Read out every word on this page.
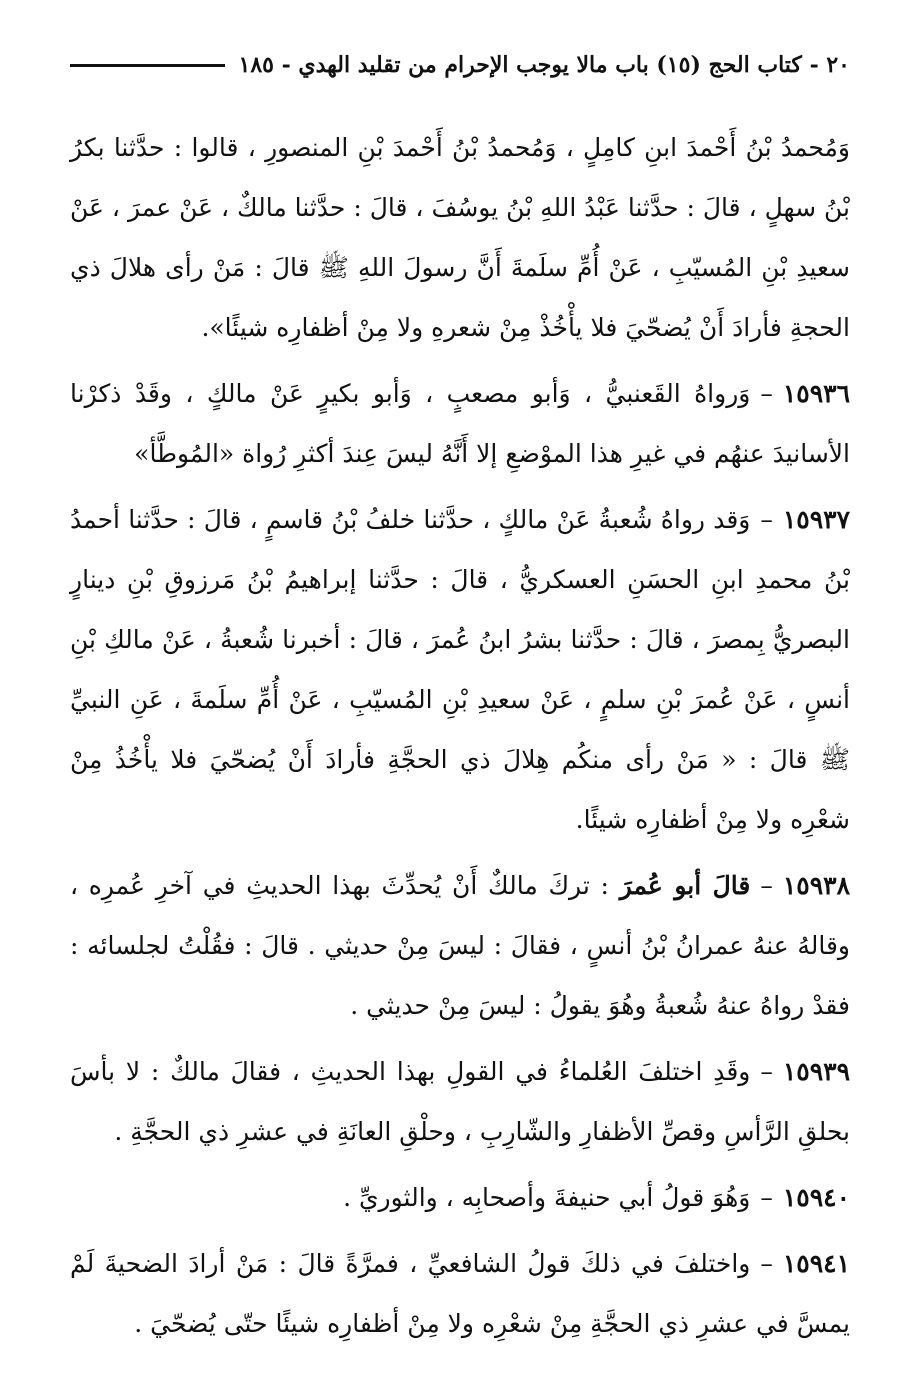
٢٠ - كتاب الحج (١٥) باب مالا يوجب الإحرام من تقليد الهدي - ١٨٥

وَمُحمدُ بْنُ أَحْمدَ ابنِ كامِلٍ ، وَمُحمدُ بْنُ أَحْمدَ بْنِ المنصورِ ، قالوا : حدَّثنا بكرُ بْنُ سهلٍ ، قالَ : حدَّثنا عَبْدُ اللهِ بْنُ يوسُفَ ، قالَ : حدَّثنا مالكٌ ، عَنْ عمرَ ، عَنْ سعيدِ بْنِ المُسيّبِ ، عَنْ أُمِّ سلَمةَ أَنَّ رسولَ اللهِ ﷺ قالَ : مَنْ رأى هلالَ ذي الحجةِ فأرادَ أَنْ يُضحّيَ فلا يأْخُذْ مِنْ شعرهِ ولا مِنْ أظفارِه شيئًا».

١٥٩٣٦–وَرواهُ القَعنبيُّ ، وَأبو مصعبٍ ، وَأبو بكيرٍ عَنْ مالكٍ ، وقَدْ ذكرْنا الأسانيدَ عنهُم في غيرِ هذا الموْضعِ إلا أَنَّهُ ليسَ عِندَ أكثرِ رُواة «المُوطَّأ»

١٥٩٣٧–وَقد رواهُ شُعبةُ عَنْ مالكٍ ، حدَّثنا خلفُ بْنُ قاسمٍ ، قالَ : حدَّثنا أحمدُ بْنُ محمدِ ابنِ الحسَنِ العسكريُّ ، قالَ : حدَّثنا إبراهيمُ بْنُ مَرزوقِ بْنِ دينارٍ البصريُّ بِمصرَ ، قالَ : حدَّثنا بشرُ ابنُ عُمرَ ، قالَ : أخبرنا شُعبةُ ، عَنْ مالكِ بْنِ أنسٍ ، عَنْ عُمرَ بْنِ سلمٍ ، عَنْ سعيدِ بْنِ المُسيّبِ ، عَنْ أُمِّ سلَمةَ ، عَنِ النبيِّ ﷺ قالَ : « مَنْ رأى منكُم هِلالَ ذي الحجَّةِ فأرادَ أَنْ يُضحّيَ فلا يأْخُذُ مِنْ شعْرِه ولا مِنْ أظفارِه شيئًا.

١٥٩٣٨–قالَ أبو عُمرَ : تركَ مالكٌ أَنْ يُحدِّثَ بهذا الحديثِ في آخرِ عُمرِه ، وقالهُ عنهُ عمرانُ بْنُ أنسٍ ، فقالَ : ليسَ مِنْ حديثي . قالَ : فقُلْتُ لجلسائه : فقدْ رواهُ عنهُ شُعبةُ وهُوَ يقولُ : ليسَ مِنْ حديثي .

١٥٩٣٩–وقَدِ اختلفَ العُلماءُ في القولِ بهذا الحديثِ ، فقالَ مالكٌ : لا بأسَ بحلقِ الرَّأسِ وقصِّ الأظفارِ والشّارِبِ ، وحلْقِ العانَةِ في عشرِ ذي الحجَّةِ .

١٥٩٤٠–وَهُوَ قولُ أبي حنيفةَ وأصحابِه ، والثوريِّ .

١٥٩٤١–واختلفَ في ذلكَ قولُ الشافعيِّ ، فمرَّةً قالَ : مَنْ أرادَ الضحيةَ لَمْ يمسَّ في عشرِ ذي الحجَّةِ مِنْ شعْرِه ولا مِنْ أظفارِه شيئًا حتّى يُضحّيَ .
